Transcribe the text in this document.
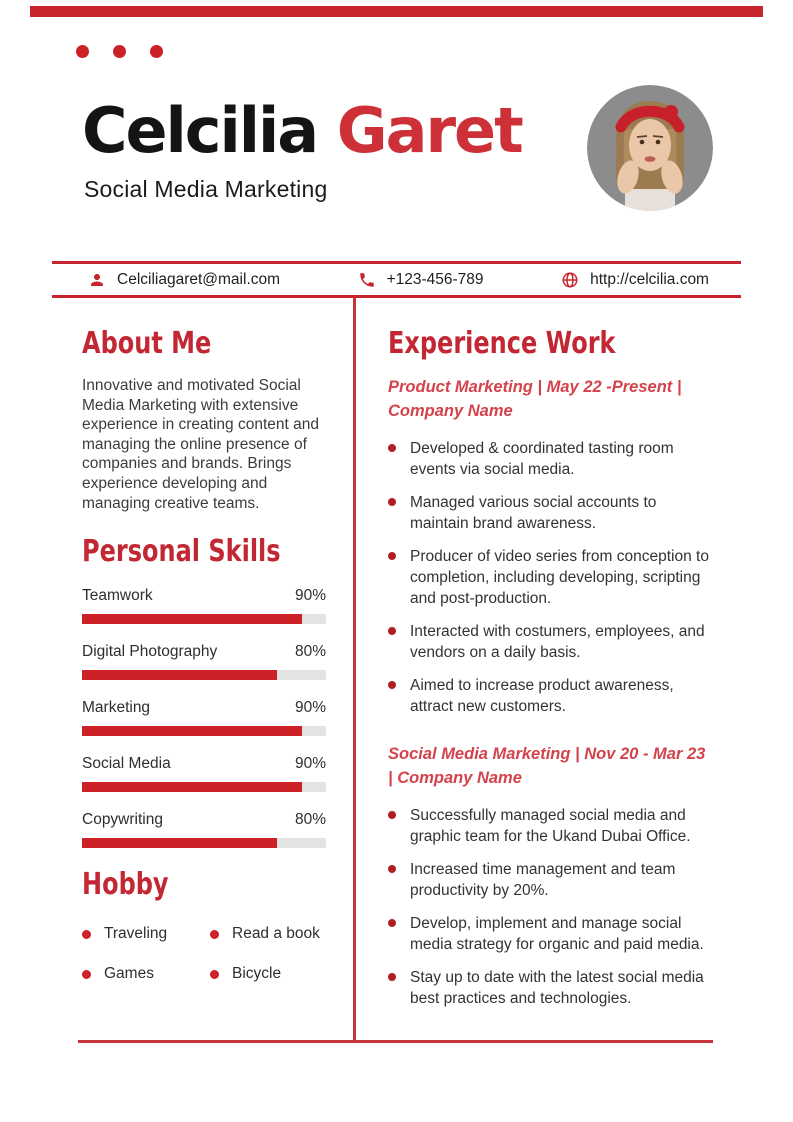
Celcilia Garet
Social Media Marketing
Celciliagaret@mail.com	+123-456-789	http://celcilia.com
About Me

Innovative and motivated Social Media Marketing with extensive experience in creating content and managing the online presence of companies and brands. Brings experience developing and managing creative teams.

Personal Skills
Teamwork	90%
Digital Photography	80%
Marketing	90%
Social Media	90%
Copywriting	80%
Hobby
Traveling	Read a book
Games	Bicycle
Experience Work
Product Marketing | May 22 -Present | Company Name
Developed & coordinated tasting room events via social media.
Managed various social accounts to maintain brand awareness.
Producer of video series from conception to completion, including developing, scripting and post-production.
Interacted with costumers, employees, and vendors on a daily basis.
Aimed to increase product awareness, attract new customers.
Social Media Marketing | Nov 20 - Mar 23 | Company Name
Successfully managed social media and graphic team for the Ukand Dubai Office.
Increased time management and team productivity by 20%.
Develop, implement and manage social media strategy for organic and paid media.
Stay up to date with the latest social media best practices and technologies.
